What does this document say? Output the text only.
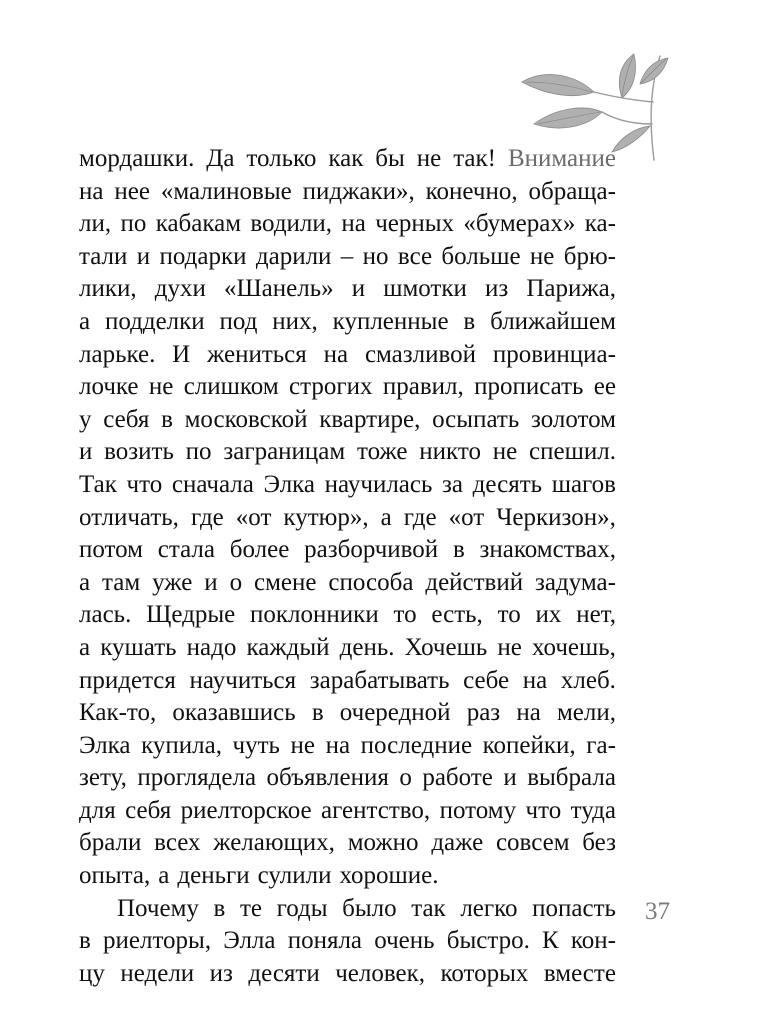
мордашки. Да только как бы не так! Внимание
на нее «малиновые пиджаки», конечно, обраща-
ли, по кабакам водили, на черных «бумерах» ка-
тали и подарки дарили – но все больше не брю-
лики, духи «Шанель» и шмотки из Парижа,
а подделки под них, купленные в ближайшем
ларьке. И жениться на смазливой провинциа-
лочке не слишком строгих правил, прописать ее
у себя в московской квартире, осыпать золотом
и возить по заграницам тоже никто не спешил.
Так что сначала Элка научилась за десять шагов
отличать, где «от кутюр», а где «от Черкизон»,
потом стала более разборчивой в знакомствах,
а там уже и о смене способа действий задума-
лась. Щедрые поклонники то есть, то их нет,
а кушать надо каждый день. Хочешь не хочешь,
придется научиться зарабатывать себе на хлеб.
Как-то, оказавшись в очередной раз на мели,
Элка купила, чуть не на последние копейки, га-
зету, проглядела объявления о работе и выбрала
для себя риелторское агентство, потому что туда
брали всех желающих, можно даже совсем без
опыта, а деньги сулили хорошие.
Почему в те годы было так легко попасть
в риелторы, Элла поняла очень быстро. К кон-
цу недели из десяти человек, которых вместе
37
